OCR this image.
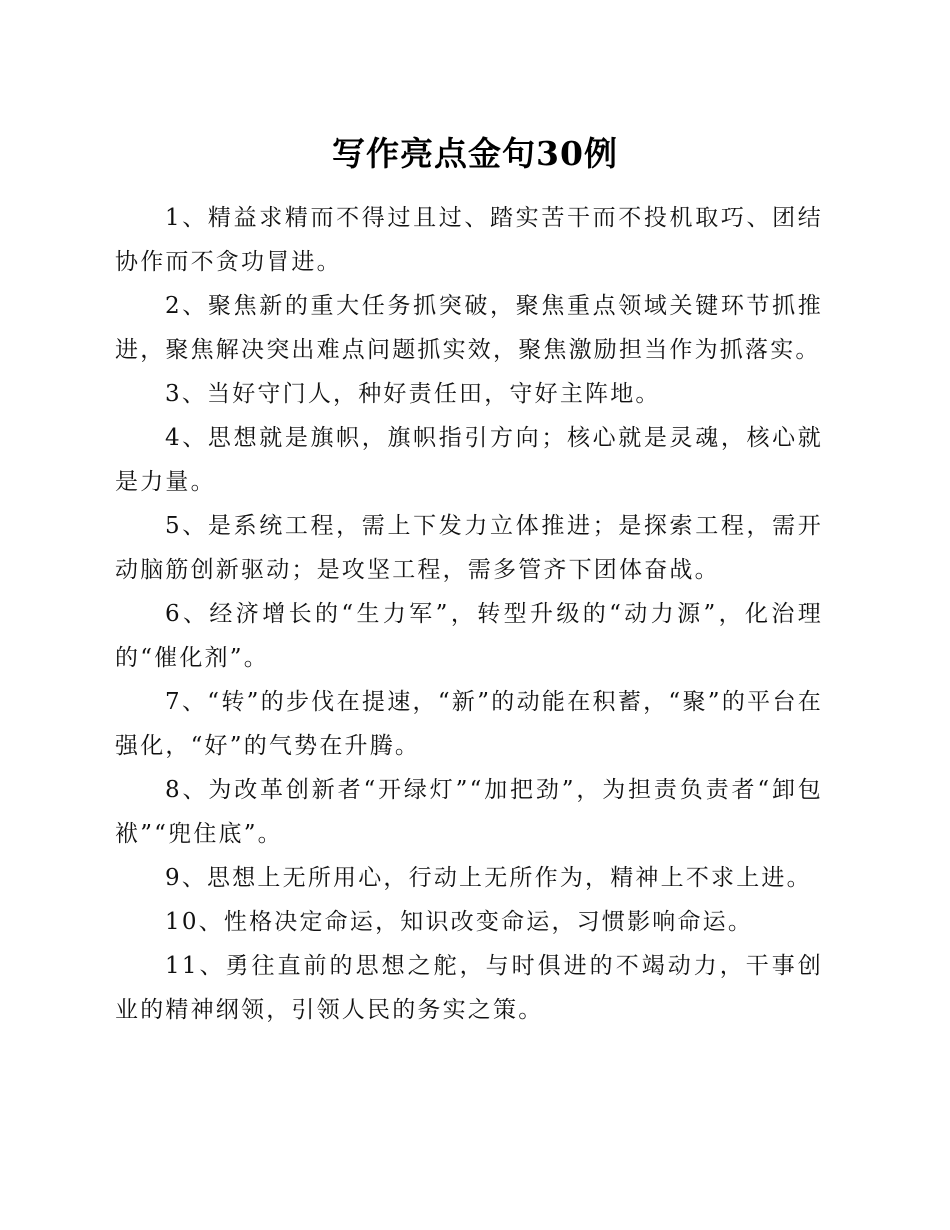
写作亮点金句30例

1、精益求精而不得过且过、踏实苦干而不投机取巧、团结协作而不贪功冒进。

2、聚焦新的重大任务抓突破，聚焦重点领域关键环节抓推进，聚焦解决突出难点问题抓实效，聚焦激励担当作为抓落实。

3、当好守门人，种好责任田，守好主阵地。

4、思想就是旗帜，旗帜指引方向；核心就是灵魂，核心就是力量。

5、是系统工程，需上下发力立体推进；是探索工程，需开动脑筋创新驱动；是攻坚工程，需多管齐下团体奋战。

6、经济增长的“生力军”，转型升级的“动力源”，化治理的“催化剂”。

7、“转”的步伐在提速，“新”的动能在积蓄，“聚”的平台在强化，“好”的气势在升腾。

8、为改革创新者“开绿灯”“加把劲”，为担责负责者“卸包袱”“兜住底”。

9、思想上无所用心，行动上无所作为，精神上不求上进。

10、性格决定命运，知识改变命运，习惯影响命运。

11、勇往直前的思想之舵，与时俱进的不竭动力，干事创业的精神纲领，引领人民的务实之策。
